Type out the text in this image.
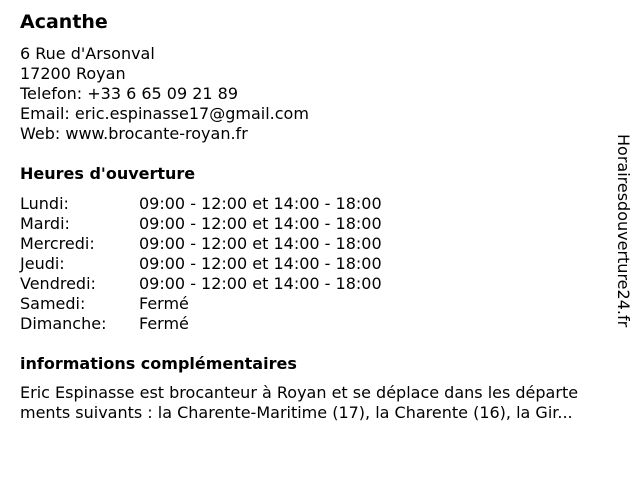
Acanthe
6 Rue d'Arsonval
17200 Royan
Telefon: +33 6 65 09 21 89
Email: eric.espinasse17@gmail.com
Web: www.brocante-royan.fr
Heures d'ouverture
Lundi:	09:00 - 12:00 et 14:00 - 18:00
Mardi:	09:00 - 12:00 et 14:00 - 18:00
Mercredi:	09:00 - 12:00 et 14:00 - 18:00
Jeudi:	09:00 - 12:00 et 14:00 - 18:00
Vendredi:	09:00 - 12:00 et 14:00 - 18:00
Samedi:	Fermé
Dimanche: Fermé
informations complémentaires
Eric Espinasse est brocanteur à Royan et se déplace dans les départe
ments suivants : la Charente-Maritime (17), la Charente (16), la Gir...
Horairesdouverture24.fr
